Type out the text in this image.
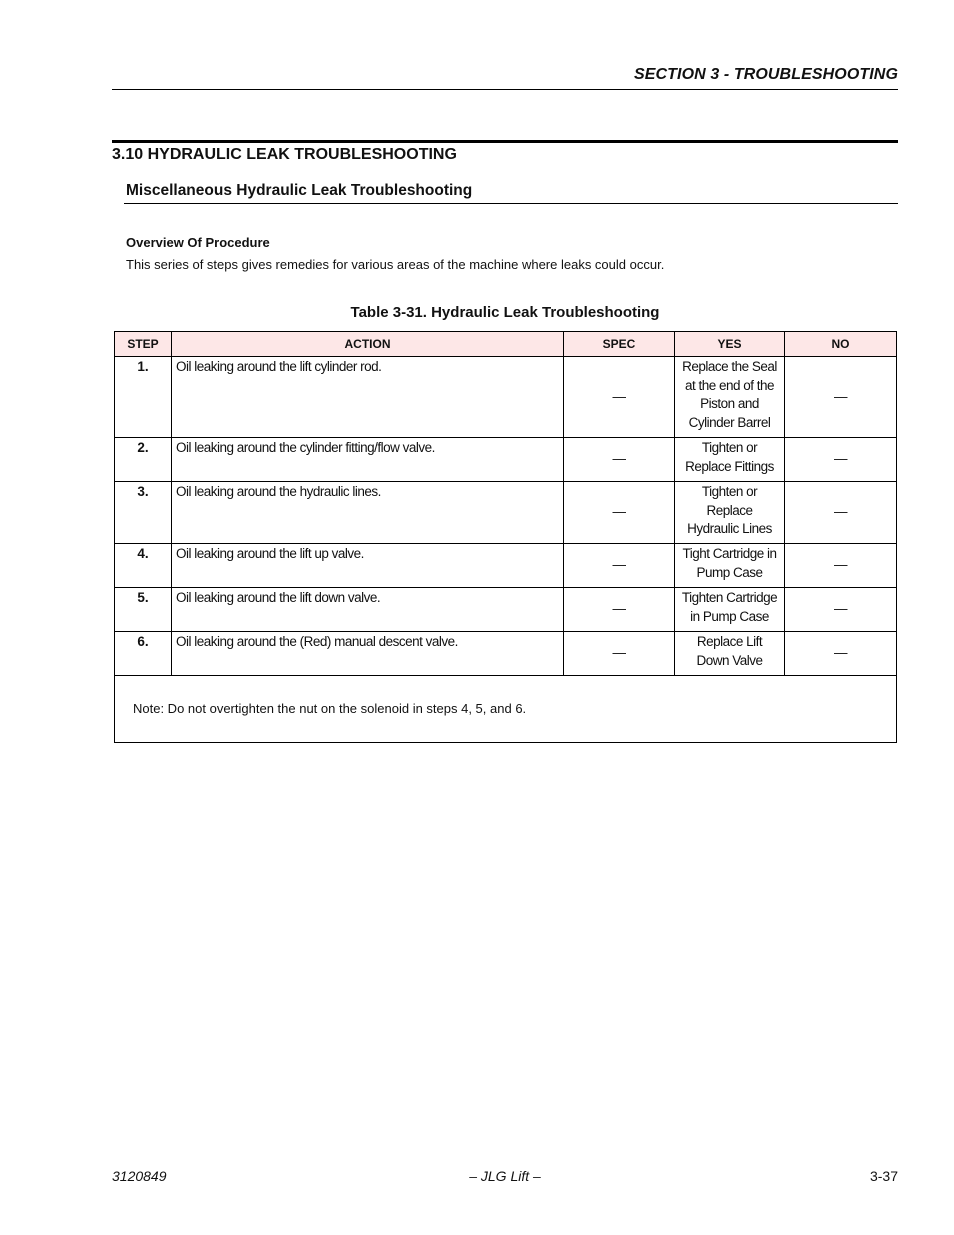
SECTION 3 - TROUBLESHOOTING
3.10 HYDRAULIC LEAK TROUBLESHOOTING
Miscellaneous Hydraulic Leak Troubleshooting
Overview Of Procedure
This series of steps gives remedies for various areas of the machine where leaks could occur.
Table 3-31. Hydraulic Leak Troubleshooting
STEP	ACTION	SPEC	YES	NO
1.	Oil leaking around the lift cylinder rod.	—	Replace the Seal
at the end of the
Piston and
Cylinder Barrel	—
2.	Oil leaking around the cylinder fitting/flow valve.	—	Tighten or
Replace Fittings	—
3.	Oil leaking around the hydraulic lines.	—	Tighten or
Replace
Hydraulic Lines	—
4.	Oil leaking around the lift up valve.	—	Tight Cartridge in
Pump Case	—
5.	Oil leaking around the lift down valve.	—	Tighten Cartridge
in Pump Case	—
6.	Oil leaking around the (Red) manual descent valve.	—	Replace Lift
Down Valve	—
Note: Do not overtighten the nut on the solenoid in steps 4, 5, and 6.				
– JLG Lift –
3120849	3-37
